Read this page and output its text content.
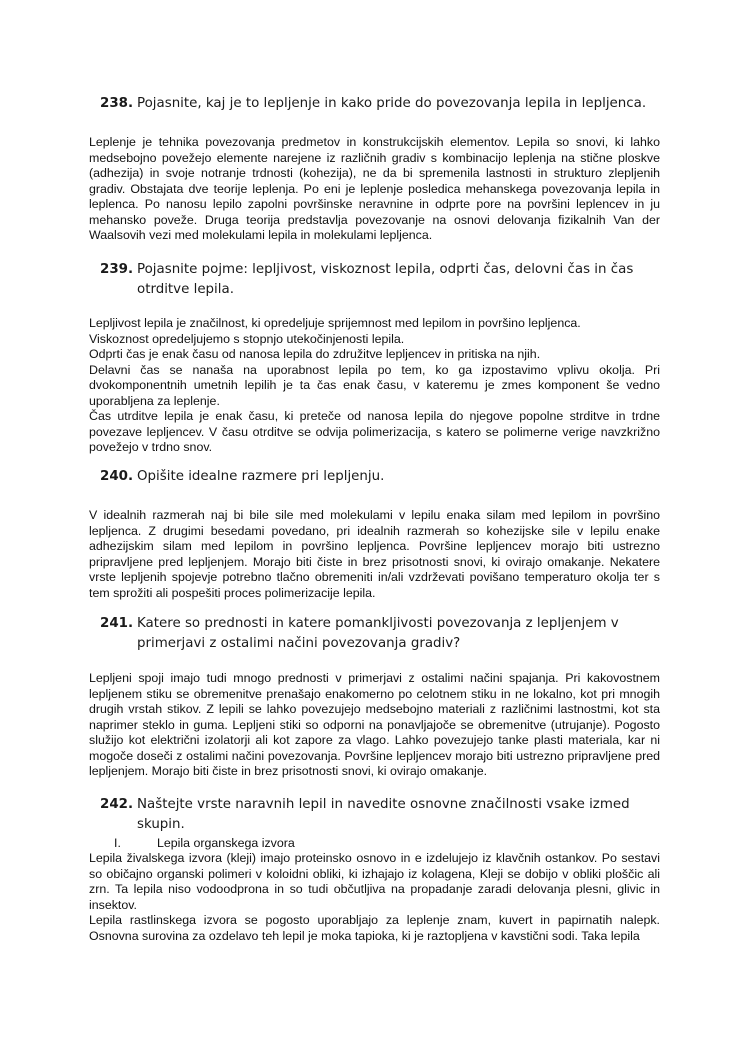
238. Pojasnite, kaj je to lepljenje in kako pride do povezovanja lepila in lepljenca.
Leplenje je tehnika povezovanja predmetov in konstrukcijskih elementov. Lepila so snovi, ki lahko medsebojno povežejo elemente narejene iz različnih gradiv s kombinacijo leplenja na stične ploskve (adhezija) in svoje notranje trdnosti (kohezija), ne da bi spremenila lastnosti in strukturo zlepljenih gradiv. Obstajata dve teorije leplenja. Po eni je leplenje posledica mehanskega povezovanja lepila in leplenca. Po nanosu lepilo zapolni površinske neravnine in odprte pore na površini leplencev in ju mehansko poveže. Druga teorija predstavlja povezovanje na osnovi delovanja fizikalnih Van der Waalsovih vezi med molekulami lepila in molekulami lepljenca.
239. Pojasnite pojme: lepljivost, viskoznost lepila, odprti čas, delovni čas in čas otrditve lepila.
Lepljivost lepila je značilnost, ki opredeljuje sprijemnost med lepilom in površino lepljenca.
Viskoznost opredeljujemo s stopnjo utekočinjenosti lepila.
Odprti čas je enak času od nanosa lepila do združitve lepljencev in pritiska na njih.
Delavni čas se nanaša na uporabnost lepila po tem, ko ga izpostavimo vplivu okolja. Pri dvokomponentnih umetnih lepilih je ta čas enak času, v kateremu je zmes komponent še vedno uporabljena za leplenje.
Čas utrditve lepila je enak času, ki preteče od nanosa lepila do njegove popolne strditve in trdne povezave lepljencev. V času otrditve se odvija polimerizacija, s katero se polimerne verige navzkrižno povežejo v trdno snov.
240. Opišite idealne razmere pri lepljenju.
V idealnih razmerah naj bi bile sile med molekulami v lepilu enaka silam med lepilom in površino lepljenca. Z drugimi besedami povedano, pri idealnih razmerah so kohezijske sile v lepilu enake adhezijskim silam med lepilom in površino lepljenca. Površine lepljencev morajo biti ustrezno pripravljene pred lepljenjem. Morajo biti čiste in brez prisotnosti snovi, ki ovirajo omakanje. Nekatere vrste lepljenih spojevje potrebno tlačno obremeniti in/ali vzdrževati povišano temperaturo okolja ter s tem sprožiti ali pospešiti proces polimerizacije lepila.
241. Katere so prednosti in katere pomankljivosti povezovanja z lepljenjem v primerjavi z ostalimi načini povezovanja gradiv?
Lepljeni spoji imajo tudi mnogo prednosti v primerjavi z ostalimi načini spajanja. Pri kakovostnem lepljenem stiku se obremenitve prenašajo enakomerno po celotnem stiku in ne lokalno, kot pri mnogih drugih vrstah stikov. Z lepili se lahko povezujejo medsebojno materiali z različnimi lastnostmi, kot sta naprimer steklo in guma. Lepljeni stiki so odporni na ponavljajoče se obremenitve (utrujanje). Pogosto služijo kot električni izolatorji ali kot zapore za vlago. Lahko povezujejo tanke plasti materiala, kar ni mogoče doseči z ostalimi načini povezovanja. Površine lepljencev morajo biti ustrezno pripravljene pred lepljenjem. Morajo biti čiste in brez prisotnosti snovi, ki ovirajo omakanje.
242. Naštejte vrste naravnih lepil in navedite osnovne značilnosti vsake izmed skupin.
I.	Lepila organskega izvora
Lepila živalskega izvora (kleji) imajo proteinsko osnovo in e izdelujejo iz klavčnih ostankov. Po sestavi so običajno organski polimeri v koloidni obliki, ki izhajajo iz kolagena, Kleji se dobijo v obliki ploščic ali zrn. Ta lepila niso vodoodprona in so tudi občutljiva na propadanje zaradi delovanja plesni, glivic in insektov.
Lepila rastlinskega izvora se pogosto uporabljajo za leplenje znam, kuvert in papirnatih nalepk. Osnovna surovina za ozdelavo teh lepil je moka tapioka, ki je raztopljena v kavstični sodi. Taka lepila
